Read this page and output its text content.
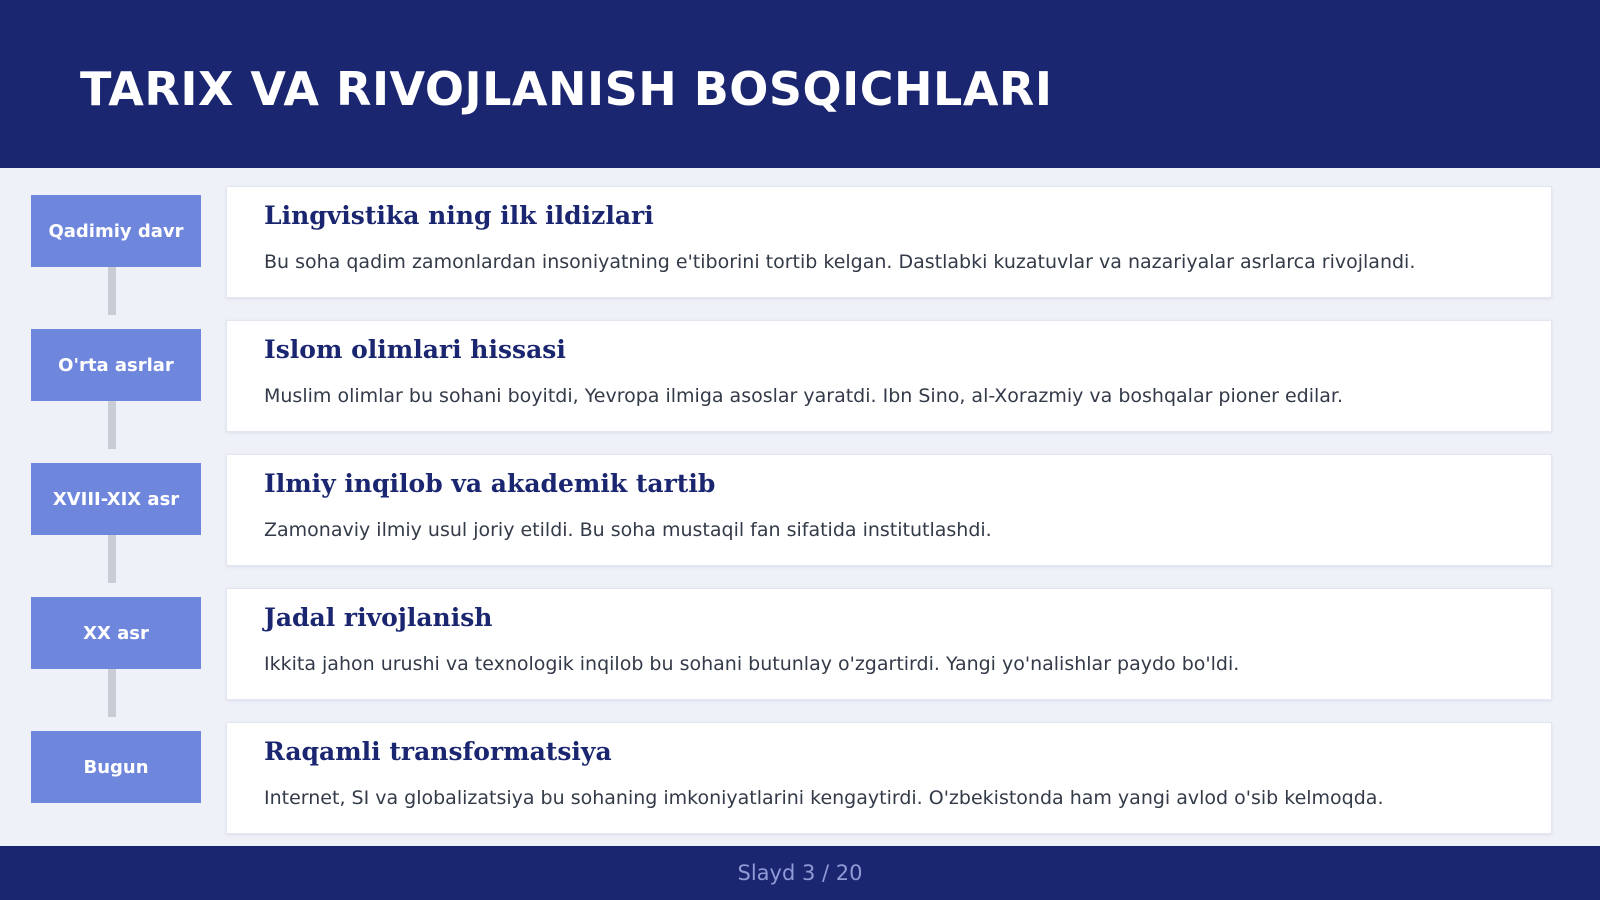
TARIX VA RIVOJLANISH BOSQICHLARI
Qadimiy davr
Lingvistika ning ilk ildizlari
Bu soha qadim zamonlardan insoniyatning e'tiborini tortib kelgan. Dastlabki kuzatuvlar va nazariyalar asrlarca rivojlandi.
O'rta asrlar
Islom olimlari hissasi
Muslim olimlar bu sohani boyitdi, Yevropa ilmiga asoslar yaratdi. Ibn Sino, al-Xorazmiy va boshqalar pioner edilar.
XVIII-XIX asr
Ilmiy inqilob va akademik tartib
Zamonaviy ilmiy usul joriy etildi. Bu soha mustaqil fan sifatida institutlashdi.
XX asr
Jadal rivojlanish
Ikkita jahon urushi va texnologik inqilob bu sohani butunlay o'zgartirdi. Yangi yo'nalishlar paydo bo'ldi.
Bugun
Raqamli transformatsiya
Internet, SI va globalizatsiya bu sohaning imkoniyatlarini kengaytirdi. O'zbekistonda ham yangi avlod o'sib kelmoqda.
Slayd 3 / 20
